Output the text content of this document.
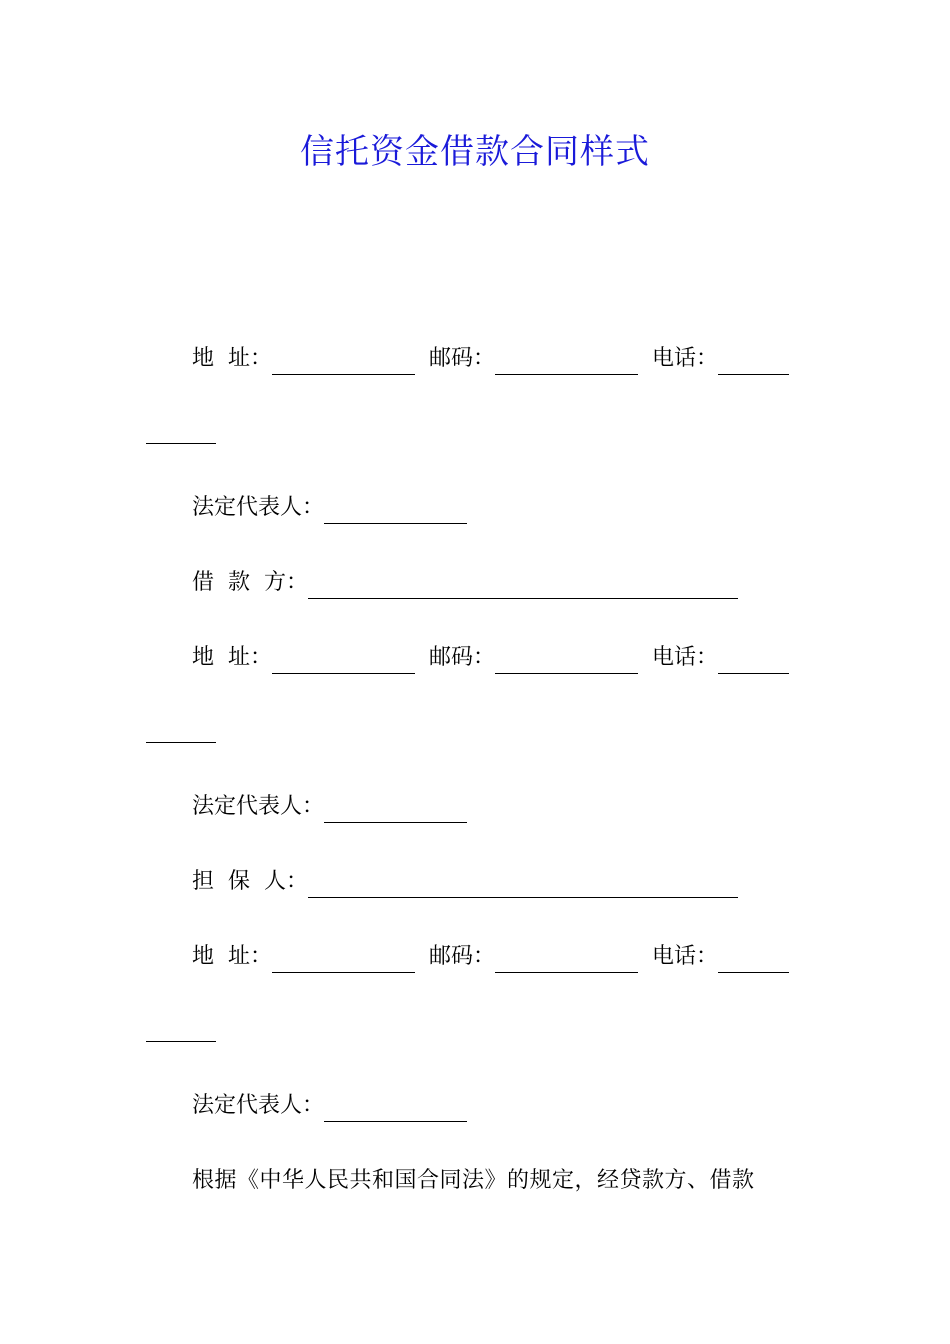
信托资金借款合同样式
地  址：	邮码：	电话：
法定代表人：
借  款  方：
地  址：	邮码：	电话：
法定代表人：
担  保  人：
地  址：	邮码：	电话：
法定代表人：
根据《中华人民共和国合同法》的规定，经贷款方、借款
